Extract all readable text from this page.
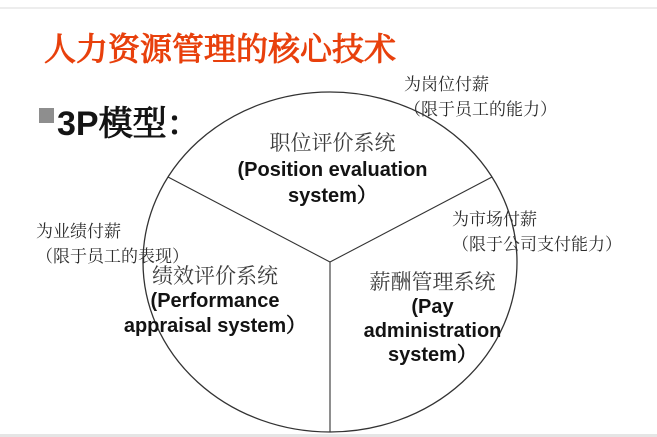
人力资源管理的核心技术
3P模型：
职位评价系统
(Position evaluation
system）
绩效评价系统
(Performance
appraisal system）
薪酬管理系统
(Pay
administration
system）
为岗位付薪
（限于员工的能力）
为业绩付薪
（限于员工的表现）
为市场付薪
（限于公司支付能力）
